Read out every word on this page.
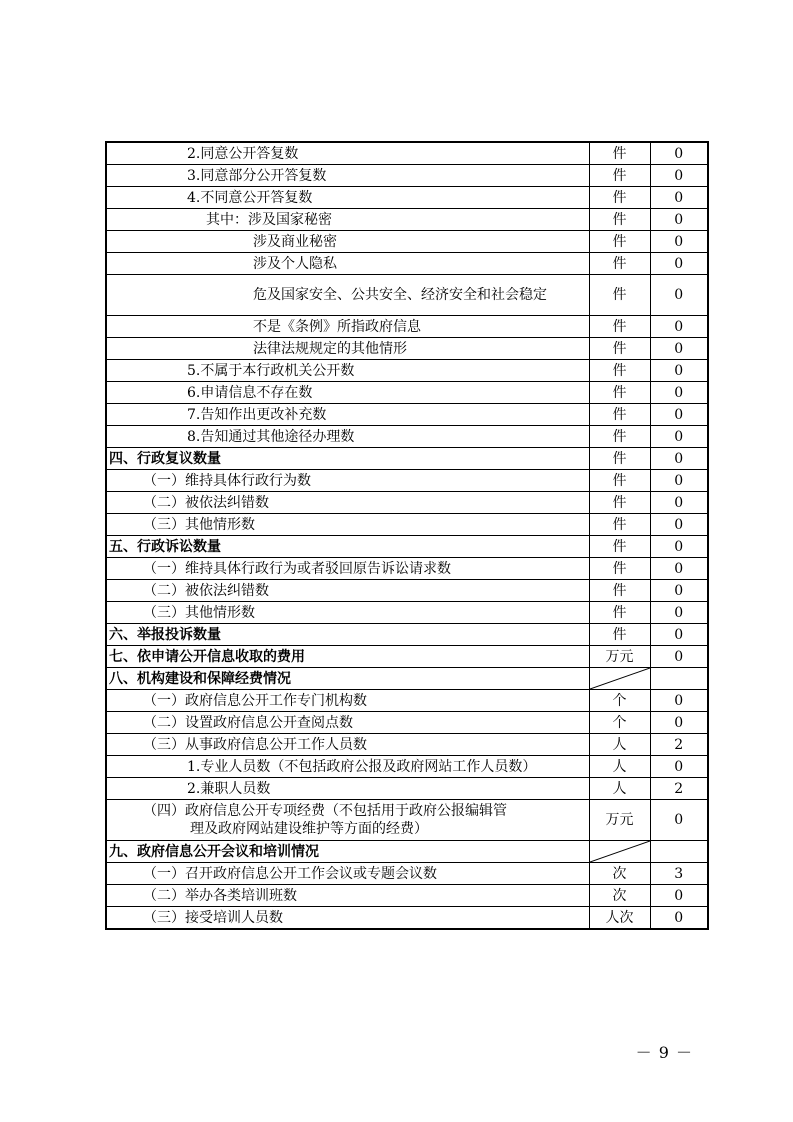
2.同意公开答复数	件	0

3.同意部分公开答复数	件	0

4.不同意公开答复数	件	0

其中：涉及国家秘密	件	0

涉及商业秘密	件	0

涉及个人隐私	件	0

危及国家安全、公共安全、经济安全和社会稳定	件	0

不是《条例》所指政府信息	件	0

法律法规规定的其他情形	件	0

5.不属于本行政机关公开数	件	0

6.申请信息不存在数	件	0

7.告知作出更改补充数	件	0

8.告知通过其他途径办理数	件	0

四、行政复议数量	件	0

（一）维持具体行政行为数	件	0

（二）被依法纠错数	件	0

（三）其他情形数	件	0

五、行政诉讼数量	件	0

（一）维持具体行政行为或者驳回原告诉讼请求数	件	0

（二）被依法纠错数	件	0

（三）其他情形数	件	0

六、举报投诉数量	件	0

七、依申请公开信息收取的费用	万元	0

八、机构建设和保障经费情况

（一）政府信息公开工作专门机构数	个	0

（二）设置政府信息公开查阅点数	个	0

（三）从事政府信息公开工作人员数	人	2

1.专业人员数（不包括政府公报及政府网站工作人员数）	人	0

2.兼职人员数	人	2

（四）政府信息公开专项经费（不包括用于政府公报编辑管
理及政府网站建设维护等方面的经费）	万元	0

九、政府信息公开会议和培训情况

（一）召开政府信息公开工作会议或专题会议数	次	3

（二）举办各类培训班数	次	0

（三）接受培训人员数	人次	0
－ 9 －
